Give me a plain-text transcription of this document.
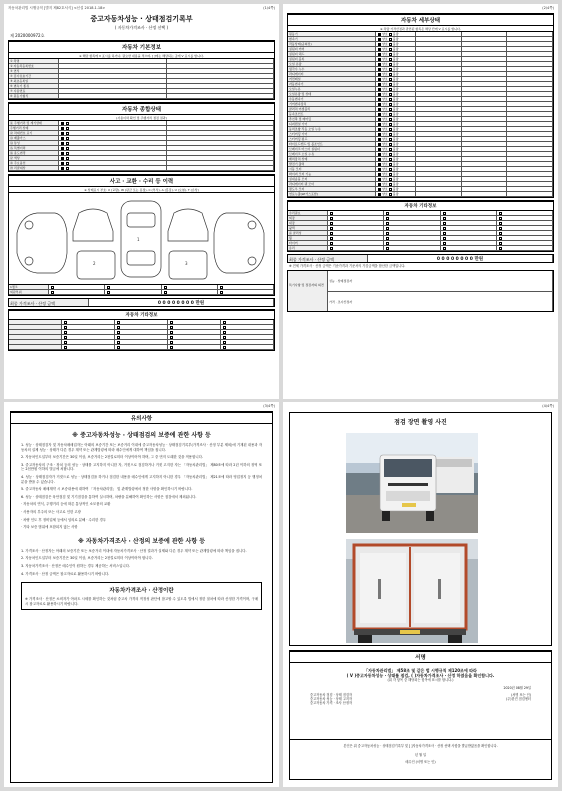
자동차관리법 시행규칙 [별지 제82호서식] <신설 2018.1.18>	(1/4쪽)
중고자동차성능 · 상태점검기록부
( 자동차가격조사 · 산정 선택 )
제 2020000972호
자동차 기본정보
※ 해당 항목에 V 표시를 하거나, 필요한 내용을 적으며, [ ]에는 해당되는 곳에 V 표시를 합니다.
① 차명
② 자동차등록번호
③ 연식
④ 검사유효기간
⑤ 최초등록일
⑥ 변속기 종류
⑦ 사용연료
⑧ 원동기형식
자동차 종합상태
(사용이력 확인 및 주행거리 점검 결과)
⑪ 주행거리 및 계기상태
주행거리 상태
⑫ 차대번호 표기
⑬ 배출가스
⑭ 튜닝
⑮ 특별이력
⑯ 용도변경
⑰ 색상
⑱ 주요옵션
⑲ 리콜대상
사고 · 교환 · 수리 등 이력
※ 상태표시 부호: X (교환), W (판금 또는 용접), C (부식), A (흠집), U (요철), T (손상)
1
2	3
1랭크
외판부위
최종 가격조사 · 산정 금액	0 0 0 0 0 0 0 0 만원
자동차 기타정보
(2/4쪽)
자동차 세부상태
※ 차량 가격산정과 관련된 항목은 해당 칸에 V 표시를 합니다.
원동기	양호 불량
변속기	양호 불량
작동상태(공회전)	양호 불량
실린더 커버	양호 불량
실린더 헤드	양호 불량
실린더 블록	양호 불량
오일 유량	양호 불량
냉각수 누수	양호 불량
라디에이터	양호 불량
커먼레일	양호 불량
자동변속기	양호 불량
오일누유	양호 불량
오일유량 및 상태	양호 불량
수동변속기	양호 불량
기어변속장치	양호 불량
클러치 어셈블리	양호 불량
등속조인트	양호 불량
추친축 및 베어링	양호 불량
디퍼렌셜 기어	양호 불량
동력조향 작동 오일 누유	양호 불량
스티어링 기어	양호 불량
스티어링 펌프	양호 불량
타이로드엔드 및 볼조인트	양호 불량
브레이크 마스터 실린더	양호 불량
브레이크 오일 누유	양호 불량
배력장치 상태	양호 불량
발전기 출력	양호 불량
시동 모터	양호 불량
와이퍼 모터 기능	양호 불량
실내송풍 모터	양호 불량
라디에이터 팬 모터	양호 불량
윈도우 모터	양호 불량
연료누출(LP가스포함)	양호 불량
자동차 기타정보
수리필요
외장
내장
광택
룸 클리닝
휠
타이어
유리
최종 가격조사 · 산정 금액	0 0 0 0 0 0 0 0 만원
※ 전체 가격조사 · 산정 금액은 기준가격과 기준서의 가감금액을 합산한 금액입니다.
특기사항 및 점검자의 의견
성능 · 상태점검자
가격 · 조사산정자
(3/4쪽)
유의사항
※ 중고자동차성능 · 상태점검의 보증에 관한 사항 등

1. 성능 · 상태점검자 및 자동차매매업자는 아래의 보증기간 또는 보증거리 이내에 중고자동차성능 · 상태점검기록부(가격조사 · 산정 부분 제외)에 기재된 내용과 자동차의 실제 성능 · 상태가 다른 경우 계약 또는 관계법령에 따라 매수인에게 대하여 책임을 집니다.

2. 자동차인도일부터 보증기간은 30일 이상, 보증거리는 2천킬로미터 이상이어야 하며, 그 중 먼저 도래한 것을 적용합니다.

3. 중고자동차의 구조 · 장치 등의 성능 · 상태를 고지하지 아니한 자, 거짓으로 점검하거나 거짓 고지한 자는 「자동차관리법」 제80조에 따라 2년 이하의 징역 또는 2천만원 이하의 벌금에 처합니다.

4. 성능 · 상태점검자가 거짓으로 성능 · 상태점검을 하거나 점검한 내용을 매수인에게 고지하지 아니한 경우 「자동차관리법」 제21조에 따라 영업정지 등 행정처분을 받을 수 있습니다.

5. 중고자동차 매매계약 시 보증내용에 대하여 「자동차관리법」 및 관계법령에서 정한 사항을 확인하시기 바랍니다.

6. 성능 · 상태점검은 육안점검 및 기기점검을 통하여 실시하며, 차량을 분해하여 확인하는 사항은 점검에서 제외됩니다.

· 자동차의 연식, 주행거리 등에 따른 통상적인 소모품의 교환

· 사용자의 부주의 또는 사고로 인한 고장

· 차량 인도 후 정비업체 등에서 임의로 분해 · 수리한 경우

· 기타 보증 범위에 포함되지 않는 사항

※ 자동차가격조사 · 산정의 보증에 관한 사항 등

1. 가격조사 · 산정자는 아래의 보증기간 또는 보증거리 이내에 자동차가격조사 · 산정 결과가 실제와 다른 경우 계약 또는 관계법령에 따라 책임을 집니다.

2. 자동차인도일부터 보증기간은 30일 이상, 보증거리는 2천킬로미터 이상이어야 합니다.

3. 자동차가격조사 · 산정은 매수인이 원하는 경우 제공하는 서비스입니다.

4. 가격조사 · 산정 금액은 참고자료로 활용하시기 바랍니다.

자동차가격조사 · 산정이란

※ 가격조사 · 산정은 소비자가 아파트 시세를 확인하는 것처럼 중고차 가격의 적정성 판단에 참고할 수 있도록 법에서 정한 절차에 따라 산정한 가격이며, 구매 시 참고자료로 활용하시기 바랍니다.

(4/4쪽)
점검 장면 촬영 사진
서명
「자동차관리법」 제58조 및 같은 법 시행규칙 제120조에 따라
( V )중고자동차성능 · 상태를 점검, ( )자동차가격조사 · 산정 하였음을 확인합니다.
(위 각 항목 중 해당되는 항목에 표시를 합니다.)
2020년 08월 29일
중고자동차 점검 · 상태 점검자
중고자동차 성능 · 상태 고지자
중고자동차 가격 · 조사 산정자
(서명 또는 인)
(주)한진 점검센터
본인은 위 중고자동차성능 · 상태점검기록부 및 [ ]자동차가격조사 · 산정 선택 사항을 발급받았음을 확인합니다.
년 월 일
매수인 (서명 또는 인)
